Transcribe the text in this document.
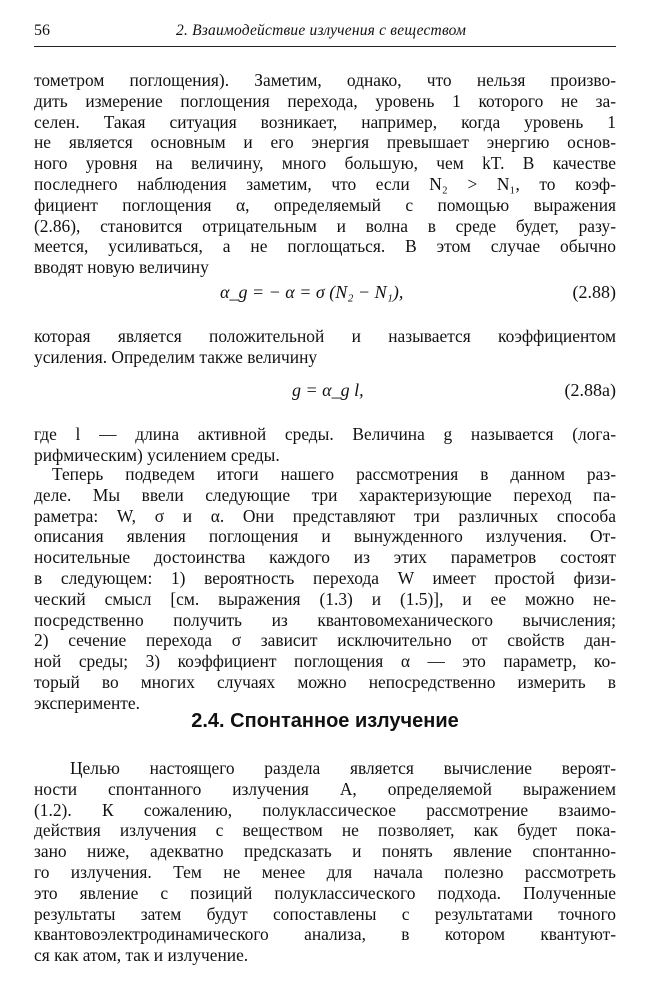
56	2. Взаимодействие излучения с веществом
тометром поглощения). Заметим, однако, что нельзя произво-
дить измерение поглощения перехода, уровень 1 которого не за-
селен. Такая ситуация возникает, например, когда уровень 1
не является основным и его энергия превышает энергию основ-
ного уровня на величину, много большую, чем kT. В качестве
последнего наблюдения заметим, что если N₂ > N₁, то коэф-
фициент поглощения α, определяемый с помощью выражения
(2.86), становится отрицательным и волна в среде будет, разу-
меется, усиливаться, а не поглощаться. В этом случае обычно
вводят новую величину
α_g = − α = σ (N₂ − N₁),	(2.88)
которая является положительной и называется коэффициентом
усиления. Определим также величину
g = α_g l,	(2.88a)
где l — длина активной среды. Величина g называется (лога-
рифмическим) усилением среды.
Теперь подведем итоги нашего рассмотрения в данном раз-
деле. Мы ввели следующие три характеризующие переход па-
раметра: W, σ и α. Они представляют три различных способа
описания явления поглощения и вынужденного излучения. От-
носительные достоинства каждого из этих параметров состоят
в следующем: 1) вероятность перехода W имеет простой физи-
ческий смысл [см. выражения (1.3) и (1.5)], и ее можно не-
посредственно получить из квантовомеханического вычисления;
2) сечение перехода σ зависит исключительно от свойств дан-
ной среды; 3) коэффициент поглощения α — это параметр, ко-
торый во многих случаях можно непосредственно измерить в
эксперименте.
2.4. Спонтанное излучение
Целью настоящего раздела является вычисление вероят-
ности спонтанного излучения A, определяемой выражением
(1.2). К сожалению, полуклассическое рассмотрение взаимо-
действия излучения с веществом не позволяет, как будет пока-
зано ниже, адекватно предсказать и понять явление спонтанно-
го излучения. Тем не менее для начала полезно рассмотреть
это явление с позиций полуклассического подхода. Полученные
результаты затем будут сопоставлены с результатами точного
квантовоэлектродинамического анализа, в котором квантуют-
ся как атом, так и излучение.
